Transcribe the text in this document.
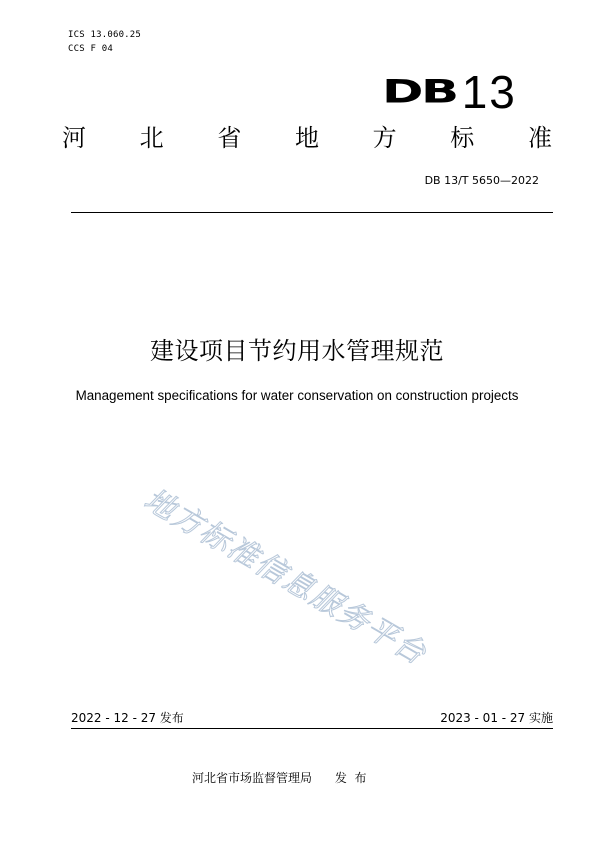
ICS 13.060.25
CCS F 04
DB 13
河 北 省 地 方 标 准
DB 13/T 5650—2022
建设项目节约用水管理规范
Management specifications for water conservation on construction projects
地方标准信息服务平台
2022 - 12 - 27 发布	2023 - 01 - 27 实施
河北省市场监督管理局      发  布
